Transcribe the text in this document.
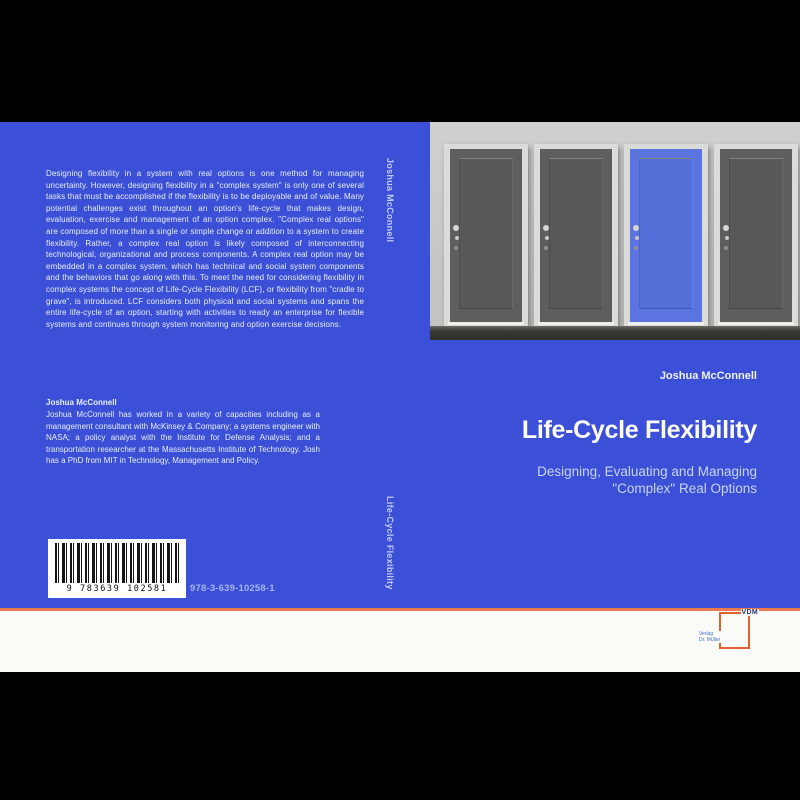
Designing flexibility in a system with real options is one method for managing uncertainty. However, designing flexibility in a "complex system" is only one of several tasks that must be accomplished if the flexibility is to be deployable and of value. Many potential challenges exist throughout an option's life-cycle that makes design, evaluation, exercise and management of an option complex. "Complex real options" are composed of more than a single or simple change or addition to a system to create flexibility. Rather, a complex real option is likely composed of interconnecting technological, organizational and process components. A complex real option may be embedded in a complex system, which has technical and social system components and the behaviors that go along with this. To meet the need for considering flexibility in complex systems the concept of Life-Cycle Flexibility (LCF), or flexibility from "cradle to grave", is introduced. LCF considers both physical and social systems and spans the entire life-cycle of an option, starting with activities to ready an enterprise for flexible systems and continues through system monitoring and option exercise decisions.
Joshua McConnell
Joshua McConnell has worked in a variety of capacities including as a management consultant with McKinsey & Company; a systems engineer with NASA; a policy analyst with the Institute for Defense Analysis; and a transportation researcher at the Massachusetts Institute of Technology. Josh has a PhD from MIT in Technology, Management and Policy.
9 783639 102581	978-3-639-10258-1
Joshua McConnell
Life-Cycle Flexibility
Joshua McConnell
Life-Cycle Flexibility
Designing, Evaluating and Managing
"Complex" Real Options
VDM
Verlag
Dr. Müller
